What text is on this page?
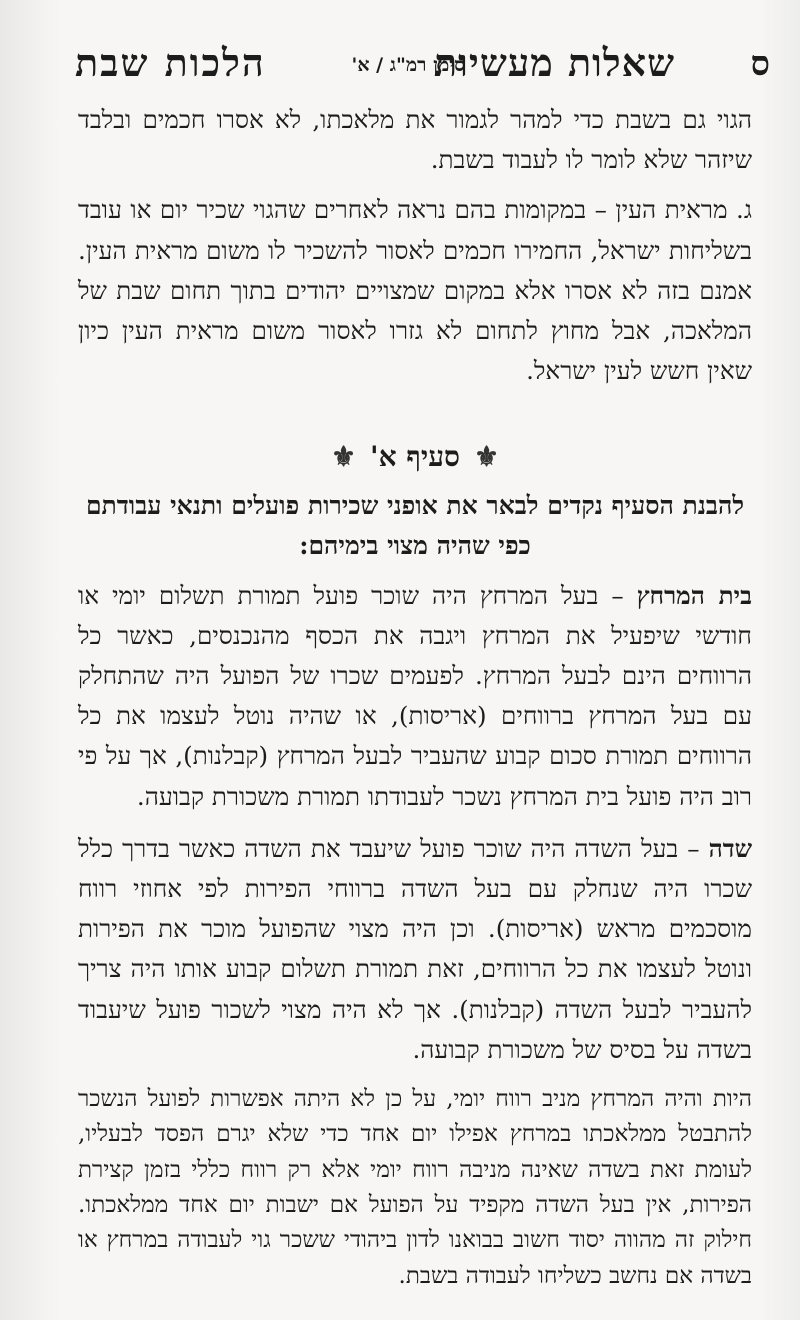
ס
שאלות מעשיות
סימן רמ"ג / א'
הלכות שבת

הגוי גם בשבת כדי למהר לגמור את מלאכתו, לא אסרו חכמים ובלבד שיזהר שלא לומר לו לעבוד בשבת.

ג. מראית העין – במקומות בהם נראה לאחרים שהגוי שכיר יום או עובד בשליחות ישראל, החמירו חכמים לאסור להשכיר לו משום מראית העין. אמנם בזה לא אסרו אלא במקום שמצויים יהודים בתוך תחום שבת של המלאכה, אבל מחוץ לתחום לא גזרו לאסור משום מראית העין כיון שאין חשש לעין ישראל.

⚜
סעיף א'
⚜

להבנת הסעיף נקדים לבאר את אופני שכירות פועלים ותנאי עבודתם כפי שהיה מצוי בימיהם:

בית המרחץ – בעל המרחץ היה שוכר פועל תמורת תשלום יומי או חודשי שיפעיל את המרחץ ויגבה את הכסף מהנכנסים, כאשר כל הרווחים הינם לבעל המרחץ. לפעמים שכרו של הפועל היה שהתחלק עם בעל המרחץ ברווחים (אריסות), או שהיה נוטל לעצמו את כל הרווחים תמורת סכום קבוע שהעביר לבעל המרחץ (קבלנות), אך על פי רוב היה פועל בית המרחץ נשכר לעבודתו תמורת משכורת קבועה.

שדה – בעל השדה היה שוכר פועל שיעבד את השדה כאשר בדרך כלל שכרו היה שנחלק עם בעל השדה ברווחי הפירות לפי אחוזי רווח מוסכמים מראש (אריסות). וכן היה מצוי שהפועל מוכר את הפירות ונוטל לעצמו את כל הרווחים, זאת תמורת תשלום קבוע אותו היה צריך להעביר לבעל השדה (קבלנות). אך לא היה מצוי לשכור פועל שיעבוד בשדה על בסיס של משכורת קבועה.

היות והיה המרחץ מניב רווח יומי, על כן לא היתה אפשרות לפועל הנשכר להתבטל ממלאכתו במרחץ אפילו יום אחד כדי שלא יגרם הפסד לבעליו, לעומת זאת בשדה שאינה מניבה רווח יומי אלא רק רווח כללי בזמן קצירת הפירות, אין בעל השדה מקפיד על הפועל אם ישבות יום אחד ממלאכתו. חילוק זה מהווה יסוד חשוב בבואנו לדון ביהודי ששכר גוי לעבודה במרחץ או בשדה אם נחשב כשליחו לעבודה בשבת.
